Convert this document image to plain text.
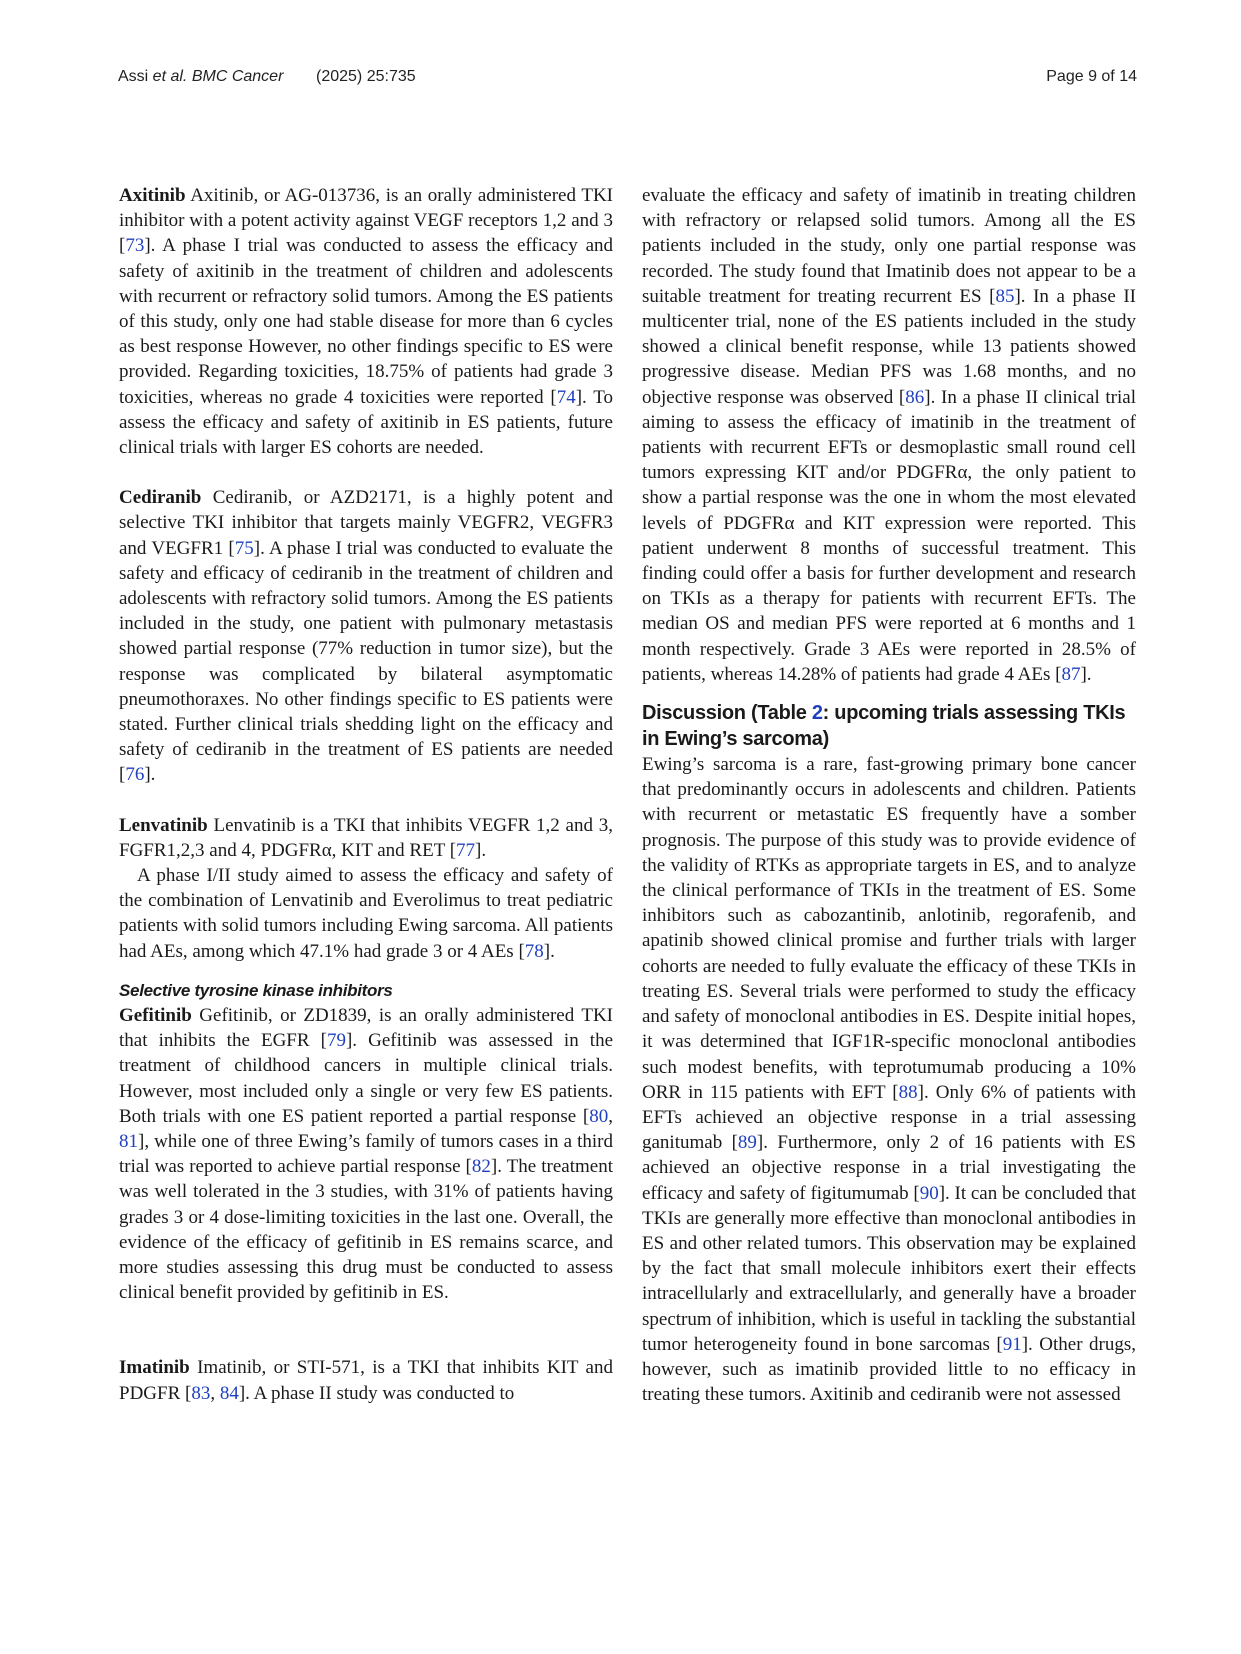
Assi et al. BMC Cancer (2025) 25:735	Page 9 of 14

Axitinib Axitinib, or AG-013736, is an orally administered TKI inhibitor with a potent activity against VEGF receptors 1,2 and 3 [73]. A phase I trial was conducted to assess the efficacy and safety of axitinib in the treatment of children and adolescents with recurrent or refractory solid tumors. Among the ES patients of this study, only one had stable disease for more than 6 cycles as best response However, no other findings specific to ES were provided. Regarding toxicities, 18.75% of patients had grade 3 toxicities, whereas no grade 4 toxicities were reported [74]. To assess the efficacy and safety of axitinib in ES patients, future clinical trials with larger ES cohorts are needed.

Cediranib Cediranib, or AZD2171, is a highly potent and selective TKI inhibitor that targets mainly VEGFR2, VEGFR3 and VEGFR1 [75]. A phase I trial was conducted to evaluate the safety and efficacy of cediranib in the treatment of children and adolescents with refractory solid tumors. Among the ES patients included in the study, one patient with pulmonary metastasis showed partial response (77% reduction in tumor size), but the response was complicated by bilateral asymptomatic pneumothoraxes. No other findings specific to ES patients were stated. Further clinical trials shedding light on the efficacy and safety of cediranib in the treatment of ES patients are needed [76].

Lenvatinib Lenvatinib is a TKI that inhibits VEGFR 1,2 and 3, FGFR1,2,3 and 4, PDGFRα, KIT and RET [77].

A phase I/II study aimed to assess the efficacy and safety of the combination of Lenvatinib and Everolimus to treat pediatric patients with solid tumors including Ewing sarcoma. All patients had AEs, among which 47.1% had grade 3 or 4 AEs [78].

Selective tyrosine kinase inhibitors

Gefitinib Gefitinib, or ZD1839, is an orally administered TKI that inhibits the EGFR [79]. Gefitinib was assessed in the treatment of childhood cancers in multiple clinical trials. However, most included only a single or very few ES patients. Both trials with one ES patient reported a partial response [80, 81], while one of three Ewing’s family of tumors cases in a third trial was reported to achieve partial response [82]. The treatment was well tolerated in the 3 studies, with 31% of patients having grades 3 or 4 dose-limiting toxicities in the last one. Overall, the evidence of the efficacy of gefitinib in ES remains scarce, and more studies assessing this drug must be conducted to assess clinical benefit provided by gefitinib in ES.

Imatinib Imatinib, or STI-571, is a TKI that inhibits KIT and PDGFR [83, 84]. A phase II study was conducted to

evaluate the efficacy and safety of imatinib in treating children with refractory or relapsed solid tumors. Among all the ES patients included in the study, only one partial response was recorded. The study found that Imatinib does not appear to be a suitable treatment for treating recurrent ES [85]. In a phase II multicenter trial, none of the ES patients included in the study showed a clinical benefit response, while 13 patients showed progressive disease. Median PFS was 1.68 months, and no objective response was observed [86]. In a phase II clinical trial aiming to assess the efficacy of imatinib in the treatment of patients with recurrent EFTs or desmoplastic small round cell tumors expressing KIT and/or PDGFRα, the only patient to show a partial response was the one in whom the most elevated levels of PDGFRα and KIT expression were reported. This patient underwent 8 months of successful treatment. This finding could offer a basis for further development and research on TKIs as a therapy for patients with recurrent EFTs. The median OS and median PFS were reported at 6 months and 1 month respectively. Grade 3 AEs were reported in 28.5% of patients, whereas 14.28% of patients had grade 4 AEs [87].

Discussion (Table 2: upcoming trials assessing TKIs in Ewing’s sarcoma)

Ewing’s sarcoma is a rare, fast-growing primary bone cancer that predominantly occurs in adolescents and children. Patients with recurrent or metastatic ES frequently have a somber prognosis. The purpose of this study was to provide evidence of the validity of RTKs as appropriate targets in ES, and to analyze the clinical performance of TKIs in the treatment of ES. Some inhibitors such as cabozantinib, anlotinib, regorafenib, and apatinib showed clinical promise and further trials with larger cohorts are needed to fully evaluate the efficacy of these TKIs in treating ES. Several trials were performed to study the efficacy and safety of monoclonal antibodies in ES. Despite initial hopes, it was determined that IGF1R-specific monoclonal antibodies such modest benefits, with teprotumumab producing a 10% ORR in 115 patients with EFT [88]. Only 6% of patients with EFTs achieved an objective response in a trial assessing ganitumab [89]. Furthermore, only 2 of 16 patients with ES achieved an objective response in a trial investigating the efficacy and safety of figitumumab [90]. It can be concluded that TKIs are generally more effective than monoclonal antibodies in ES and other related tumors. This observation may be explained by the fact that small molecule inhibitors exert their effects intracellularly and extracellularly, and generally have a broader spectrum of inhibition, which is useful in tackling the substantial tumor heterogeneity found in bone sarcomas [91]. Other drugs, however, such as imatinib provided little to no efficacy in treating these tumors. Axitinib and cediranib were not assessed
